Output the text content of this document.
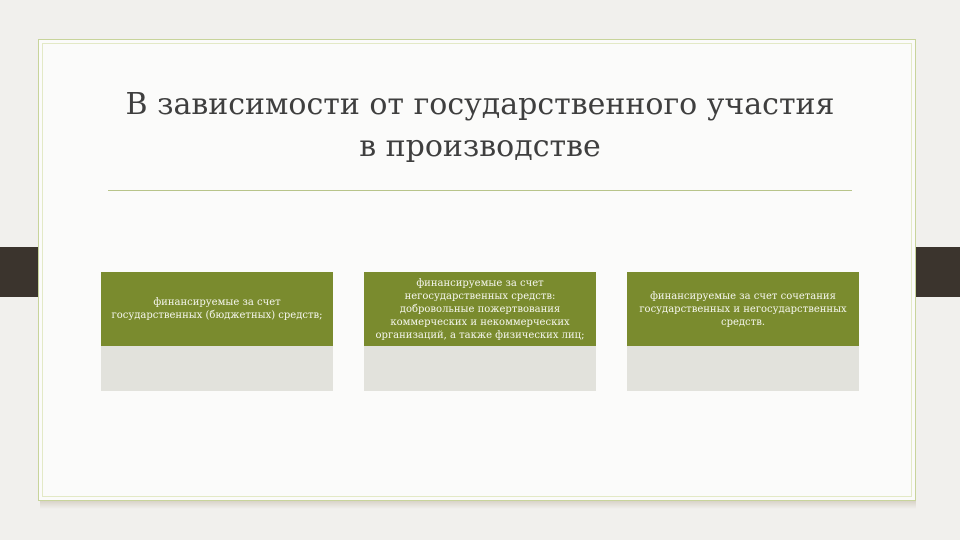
В зависимости от государственного участия
в производстве
финансируемые за счет государственных (бюджетных) средств;
финансируемые за счет негосударственных средств: добровольные пожертвования коммерческих и некоммерческих организаций, а также физических лиц;
финансируемые за счет сочетания государственных и негосударственных средств.
